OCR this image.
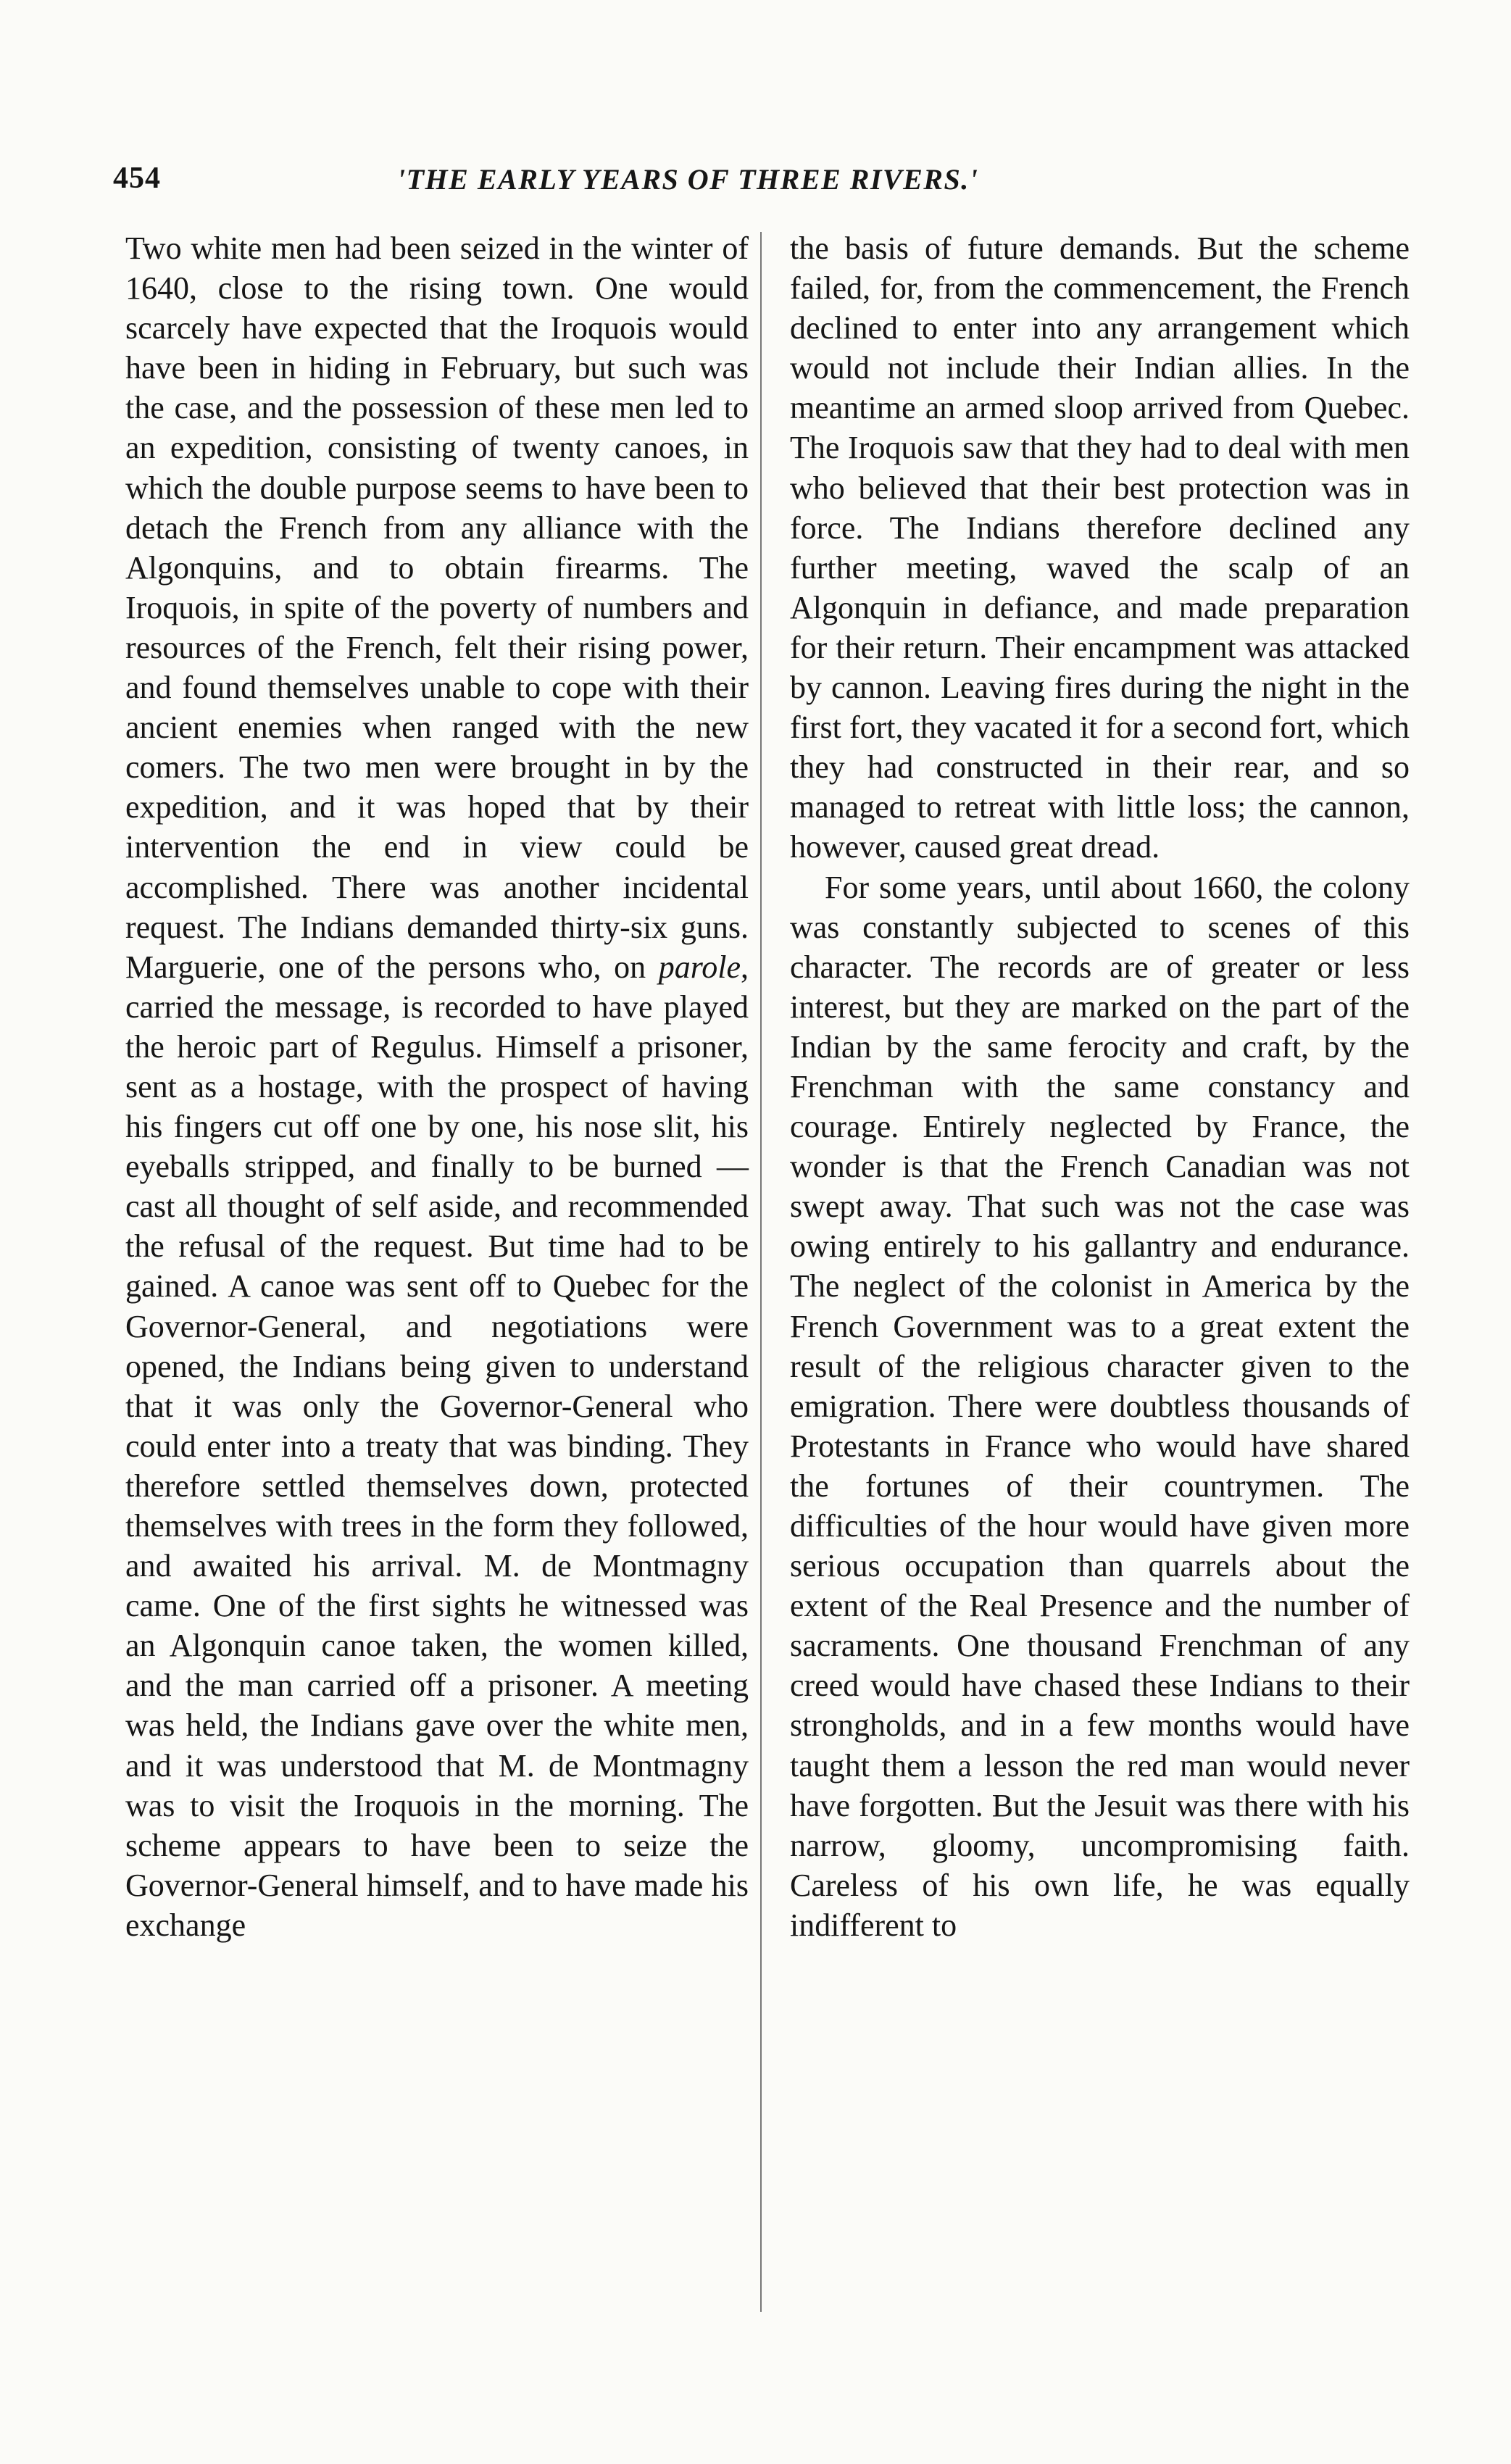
454	'THE EARLY YEARS OF THREE RIVERS.'

Two white men had been seized in the winter of 1640, close to the rising town. One would scarcely have expected that the Iroquois would have been in hiding in February, but such was the case, and the possession of these men led to an expedition, consisting of twenty canoes, in which the double purpose seems to have been to detach the French from any alliance with the Algonquins, and to obtain firearms. The Iroquois, in spite of the poverty of numbers and resources of the French, felt their rising power, and found themselves unable to cope with their ancient enemies when ranged with the new comers. The two men were brought in by the expedition, and it was hoped that by their intervention the end in view could be accomplished. There was another incidental request. The Indians demanded thirty-six guns. Marguerie, one of the persons who, on parole, carried the message, is recorded to have played the heroic part of Regulus. Himself a prisoner, sent as a hostage, with the prospect of having his fingers cut off one by one, his nose slit, his eyeballs stripped, and finally to be burned — cast all thought of self aside, and recommended the refusal of the request. But time had to be gained. A canoe was sent off to Quebec for the Governor-General, and negotiations were opened, the Indians being given to understand that it was only the Governor-General who could enter into a treaty that was binding. They therefore settled themselves down, protected themselves with trees in the form they followed, and awaited his arrival. M. de Montmagny came. One of the first sights he witnessed was an Algonquin canoe taken, the women killed, and the man carried off a prisoner. A meeting was held, the Indians gave over the white men, and it was understood that M. de Montmagny was to visit the Iroquois in the morning. The scheme appears to have been to seize the Governor-General himself, and to have made his exchange

the basis of future demands. But the scheme failed, for, from the commencement, the French declined to enter into any arrangement which would not include their Indian allies. In the meantime an armed sloop arrived from Quebec. The Iroquois saw that they had to deal with men who believed that their best protection was in force. The Indians therefore declined any further meeting, waved the scalp of an Algonquin in defiance, and made preparation for their return. Their encampment was attacked by cannon. Leaving fires during the night in the first fort, they vacated it for a second fort, which they had constructed in their rear, and so managed to retreat with little loss; the cannon, however, caused great dread.

For some years, until about 1660, the colony was constantly subjected to scenes of this character. The records are of greater or less interest, but they are marked on the part of the Indian by the same ferocity and craft, by the Frenchman with the same constancy and courage. Entirely neglected by France, the wonder is that the French Canadian was not swept away. That such was not the case was owing entirely to his gallantry and endurance. The neglect of the colonist in America by the French Government was to a great extent the result of the religious character given to the emigration. There were doubtless thousands of Protestants in France who would have shared the fortunes of their countrymen. The difficulties of the hour would have given more serious occupation than quarrels about the extent of the Real Presence and the number of sacraments. One thousand Frenchman of any creed would have chased these Indians to their strongholds, and in a few months would have taught them a lesson the red man would never have forgotten. But the Jesuit was there with his narrow, gloomy, uncompromising faith. Careless of his own life, he was equally indifferent to
